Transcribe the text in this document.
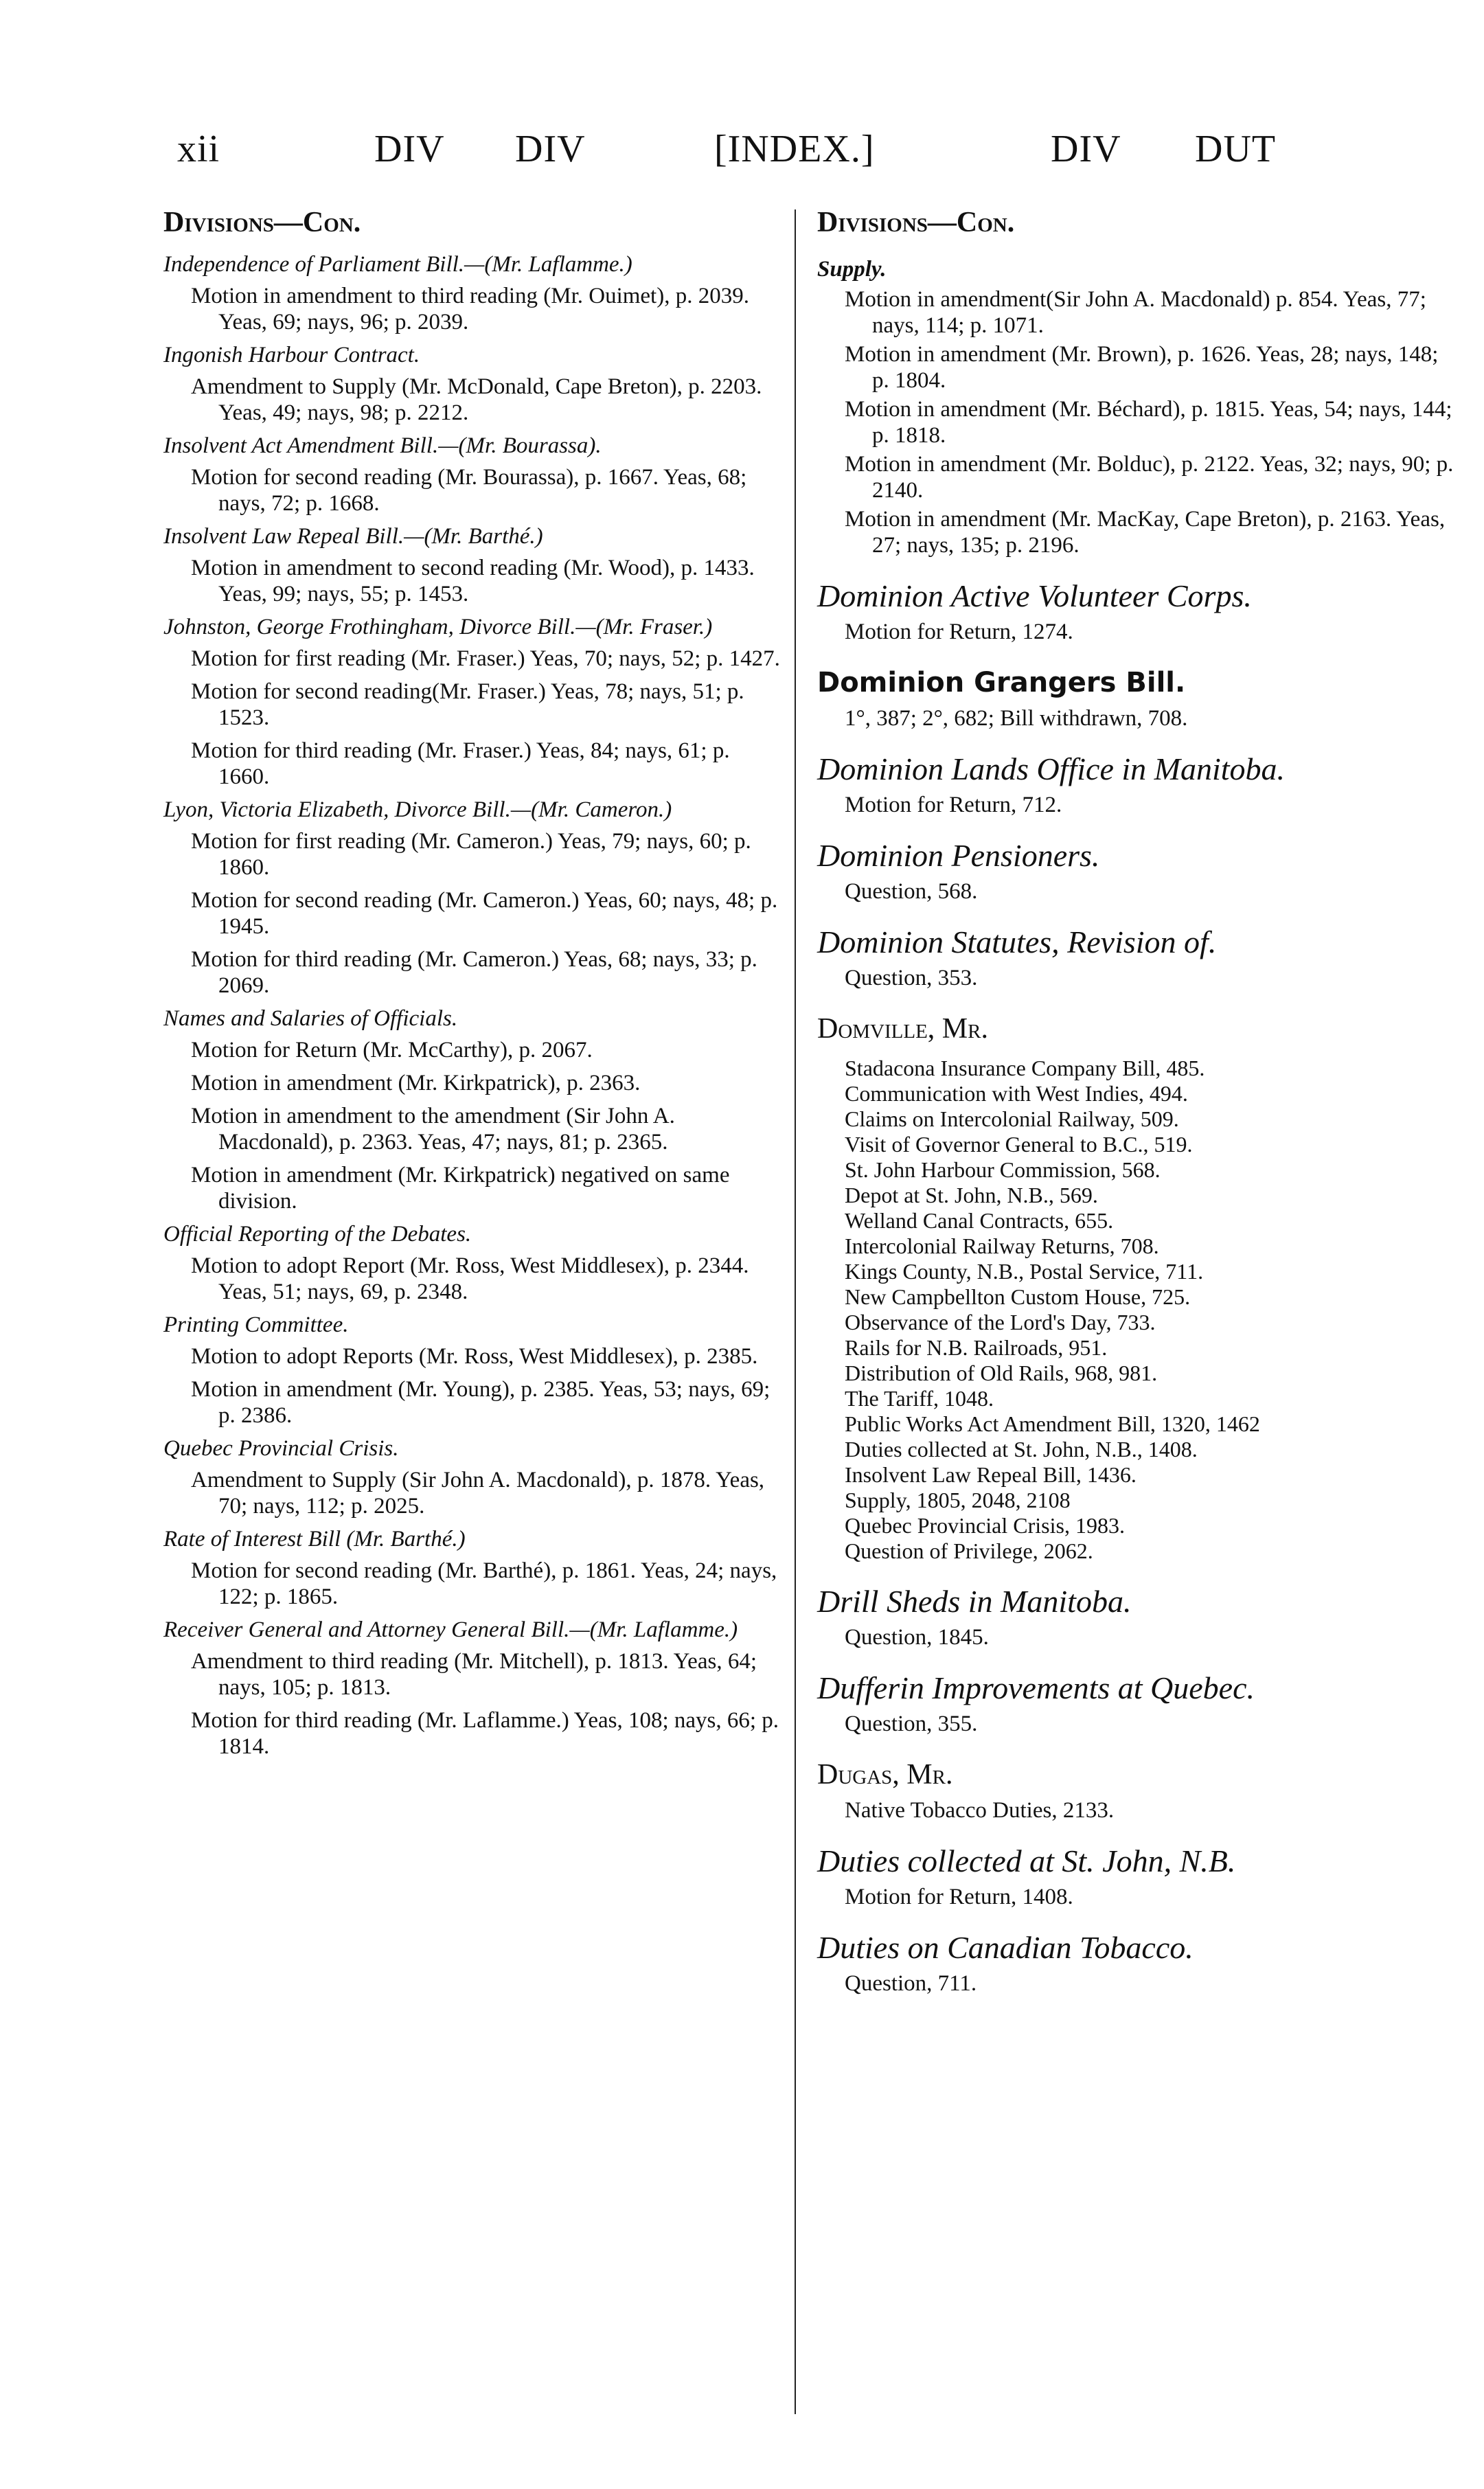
xii	DIV DIV	[INDEX.]	DIV DUT
Divisions—Con.
Independence of Parliament Bill.—(Mr. Laflamme.)
Motion in amendment to third reading (Mr. Ouimet), p. 2039. Yeas, 69; nays, 96; p. 2039.
Ingonish Harbour Contract.
Amendment to Supply (Mr. McDonald, Cape Breton), p. 2203. Yeas, 49; nays, 98; p. 2212.
Insolvent Act Amendment Bill.—(Mr. Bourassa).
Motion for second reading (Mr. Bourassa), p. 1667. Yeas, 68; nays, 72; p. 1668.
Insolvent Law Repeal Bill.—(Mr. Barthé.)
Motion in amendment to second reading (Mr. Wood), p. 1433. Yeas, 99; nays, 55; p. 1453.
Johnston, George Frothingham, Divorce Bill.—(Mr. Fraser.)
Motion for first reading (Mr. Fraser.) Yeas, 70; nays, 52; p. 1427.
Motion for second reading(Mr. Fraser.) Yeas, 78; nays, 51; p. 1523.
Motion for third reading (Mr. Fraser.) Yeas, 84; nays, 61; p. 1660.
Lyon, Victoria Elizabeth, Divorce Bill.—(Mr. Cameron.)
Motion for first reading (Mr. Cameron.) Yeas, 79; nays, 60; p. 1860.
Motion for second reading (Mr. Cameron.) Yeas, 60; nays, 48; p. 1945.
Motion for third reading (Mr. Cameron.) Yeas, 68; nays, 33; p. 2069.
Names and Salaries of Officials.
Motion for Return (Mr. McCarthy), p. 2067.
Motion in amendment (Mr. Kirkpatrick), p. 2363.
Motion in amendment to the amendment (Sir John A. Macdonald), p. 2363. Yeas, 47; nays, 81; p. 2365.
Motion in amendment (Mr. Kirkpatrick) negatived on same division.
Official Reporting of the Debates.
Motion to adopt Report (Mr. Ross, West Middlesex), p. 2344. Yeas, 51; nays, 69, p. 2348.
Printing Committee.
Motion to adopt Reports (Mr. Ross, West Middlesex), p. 2385.
Motion in amendment (Mr. Young), p. 2385. Yeas, 53; nays, 69; p. 2386.
Quebec Provincial Crisis.
Amendment to Supply (Sir John A. Macdonald), p. 1878. Yeas, 70; nays, 112; p. 2025.
Rate of Interest Bill (Mr. Barthé.)
Motion for second reading (Mr. Barthé), p. 1861. Yeas, 24; nays, 122; p. 1865.
Receiver General and Attorney General Bill.—(Mr. Laflamme.)
Amendment to third reading (Mr. Mitchell), p. 1813. Yeas, 64; nays, 105; p. 1813.
Motion for third reading (Mr. Laflamme.) Yeas, 108; nays, 66; p. 1814.
Divisions—Con.
Supply.
Motion in amendment(Sir John A. Macdonald) p. 854. Yeas, 77; nays, 114; p. 1071.
Motion in amendment (Mr. Brown), p. 1626. Yeas, 28; nays, 148; p. 1804.
Motion in amendment (Mr. Béchard), p. 1815. Yeas, 54; nays, 144; p. 1818.
Motion in amendment (Mr. Bolduc), p. 2122. Yeas, 32; nays, 90; p. 2140.
Motion in amendment (Mr. MacKay, Cape Breton), p. 2163. Yeas, 27; nays, 135; p. 2196.
Dominion Active Volunteer Corps.
Motion for Return, 1274.
Dominion Grangers Bill.
1°, 387; 2°, 682; Bill withdrawn, 708.
Dominion Lands Office in Manitoba.
Motion for Return, 712.
Dominion Pensioners.
Question, 568.
Dominion Statutes, Revision of.
Question, 353.
Domville, Mr.
Stadacona Insurance Company Bill, 485.
Communication with West Indies, 494.
Claims on Intercolonial Railway, 509.
Visit of Governor General to B.C., 519.
St. John Harbour Commission, 568.
Depot at St. John, N.B., 569.
Welland Canal Contracts, 655.
Intercolonial Railway Returns, 708.
Kings County, N.B., Postal Service, 711.
New Campbellton Custom House, 725.
Observance of the Lord's Day, 733.
Rails for N.B. Railroads, 951.
Distribution of Old Rails, 968, 981.
The Tariff, 1048.
Public Works Act Amendment Bill, 1320, 1462
Duties collected at St. John, N.B., 1408.
Insolvent Law Repeal Bill, 1436.
Supply, 1805, 2048, 2108
Quebec Provincial Crisis, 1983.
Question of Privilege, 2062.
Drill Sheds in Manitoba.
Question, 1845.
Dufferin Improvements at Quebec.
Question, 355.
Dugas, Mr.
Native Tobacco Duties, 2133.
Duties collected at St. John, N.B.
Motion for Return, 1408.
Duties on Canadian Tobacco.
Question, 711.
